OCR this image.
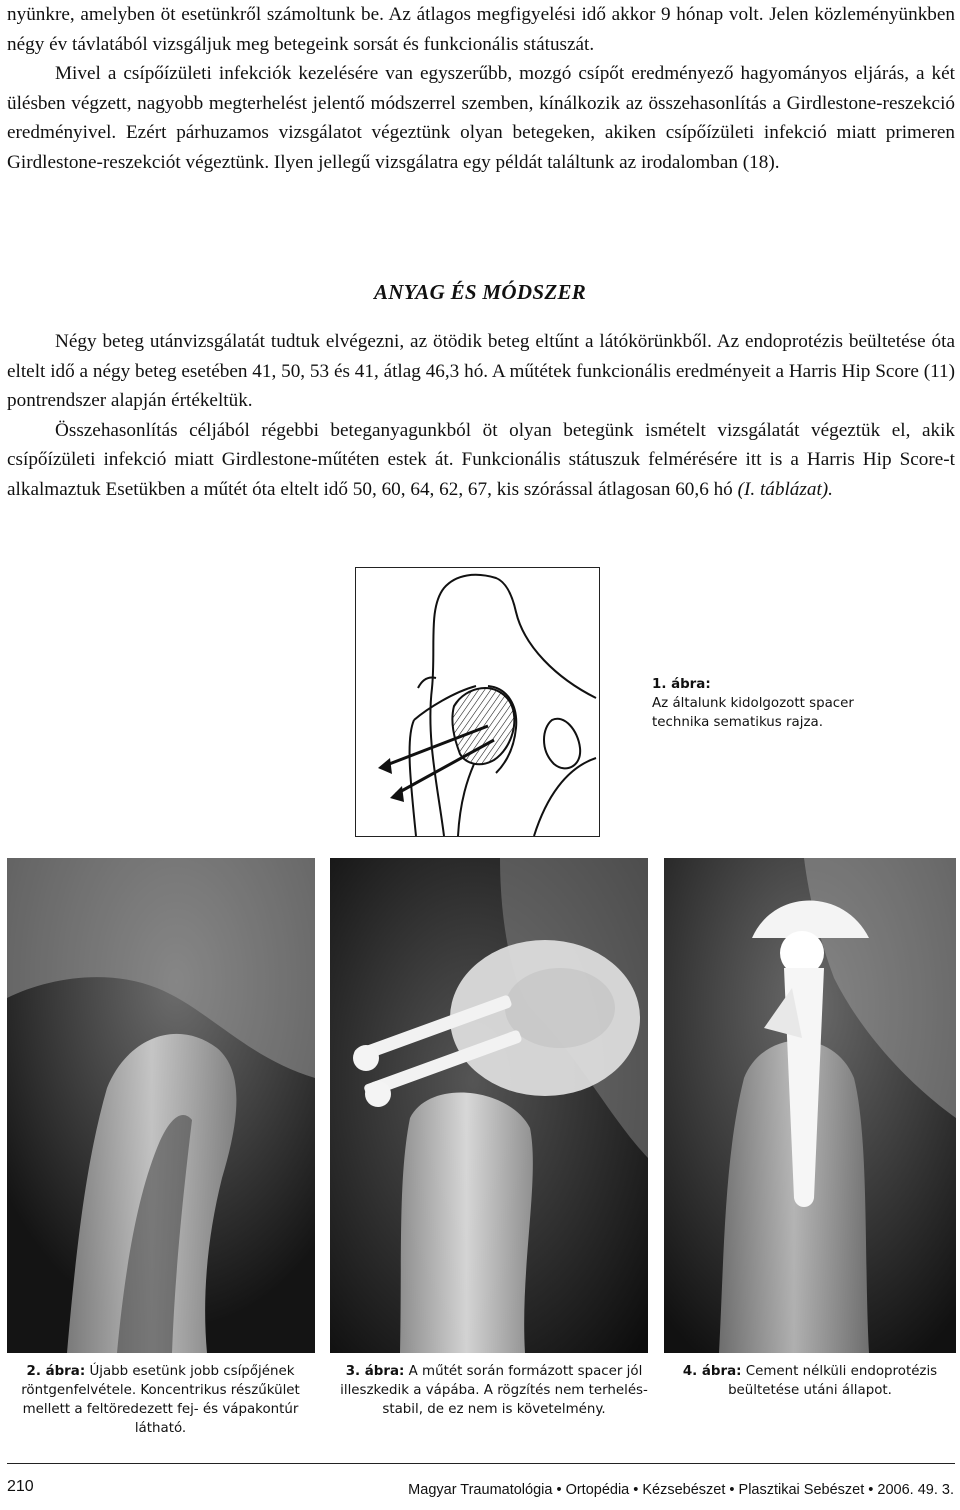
nyünkre, amelyben öt esetünkről számoltunk be. Az átlagos megfigyelési idő akkor 9 hónap volt. Jelen közleményünkben négy év távlatából vizsgáljuk meg betegeink sorsát és funkcionális státuszát.

Mivel a csípőízületi infekciók kezelésére van egyszerűbb, mozgó csípőt eredményező hagyományos eljárás, a két ülésben végzett, nagyobb megterhelést jelentő módszerrel szemben, kínálkozik az összehasonlítás a Girdlestone-reszekció eredményivel. Ezért párhuzamos vizsgálatot végeztünk olyan betegeken, akiken csípőízületi infekció miatt primeren Girdlestone-reszekciót végeztünk. Ilyen jellegű vizsgálatra egy példát találtunk az irodalomban (18).

ANYAG ÉS MÓDSZER

Négy beteg utánvizsgálatát tudtuk elvégezni, az ötödik beteg eltűnt a látókörünkből. Az endoprotézis beültetése óta eltelt idő a négy beteg esetében 41, 50, 53 és 41, átlag 46,3 hó. A műtétek funkcionális eredményeit a Harris Hip Score (11) pontrendszer alapján értékeltük.

Összehasonlítás céljából régebbi beteganyagunkból öt olyan betegünk ismételt vizsgálatát végeztük el, akik csípőízületi infekció miatt Girdlestone-műtéten estek át. Funkcionális státuszuk felmérésére itt is a Harris Hip Score-t alkalmaztuk Esetükben a műtét óta eltelt idő 50, 60, 64, 62, 67, kis szórással átlagosan 60,6 hó (I. táblázat).

1. ábra:
Az általunk kidolgozott spacer technika sematikus rajza.
2. ábra: Újabb esetünk jobb csípőjének röntgenfelvétele. Koncentrikus részűkület mellett a feltöredezett fej- és vápakontúr látható.
3. ábra: A műtét során formázott spacer jól illeszkedik a vápába. A rögzítés nem terhelés-stabil, de ez nem is követelmény.
4. ábra: Cement nélküli endoprotézis beültetése utáni állapot.
210	Magyar Traumatológia • Ortopédia • Kézsebészet • Plasztikai Sebészet • 2006. 49. 3.
